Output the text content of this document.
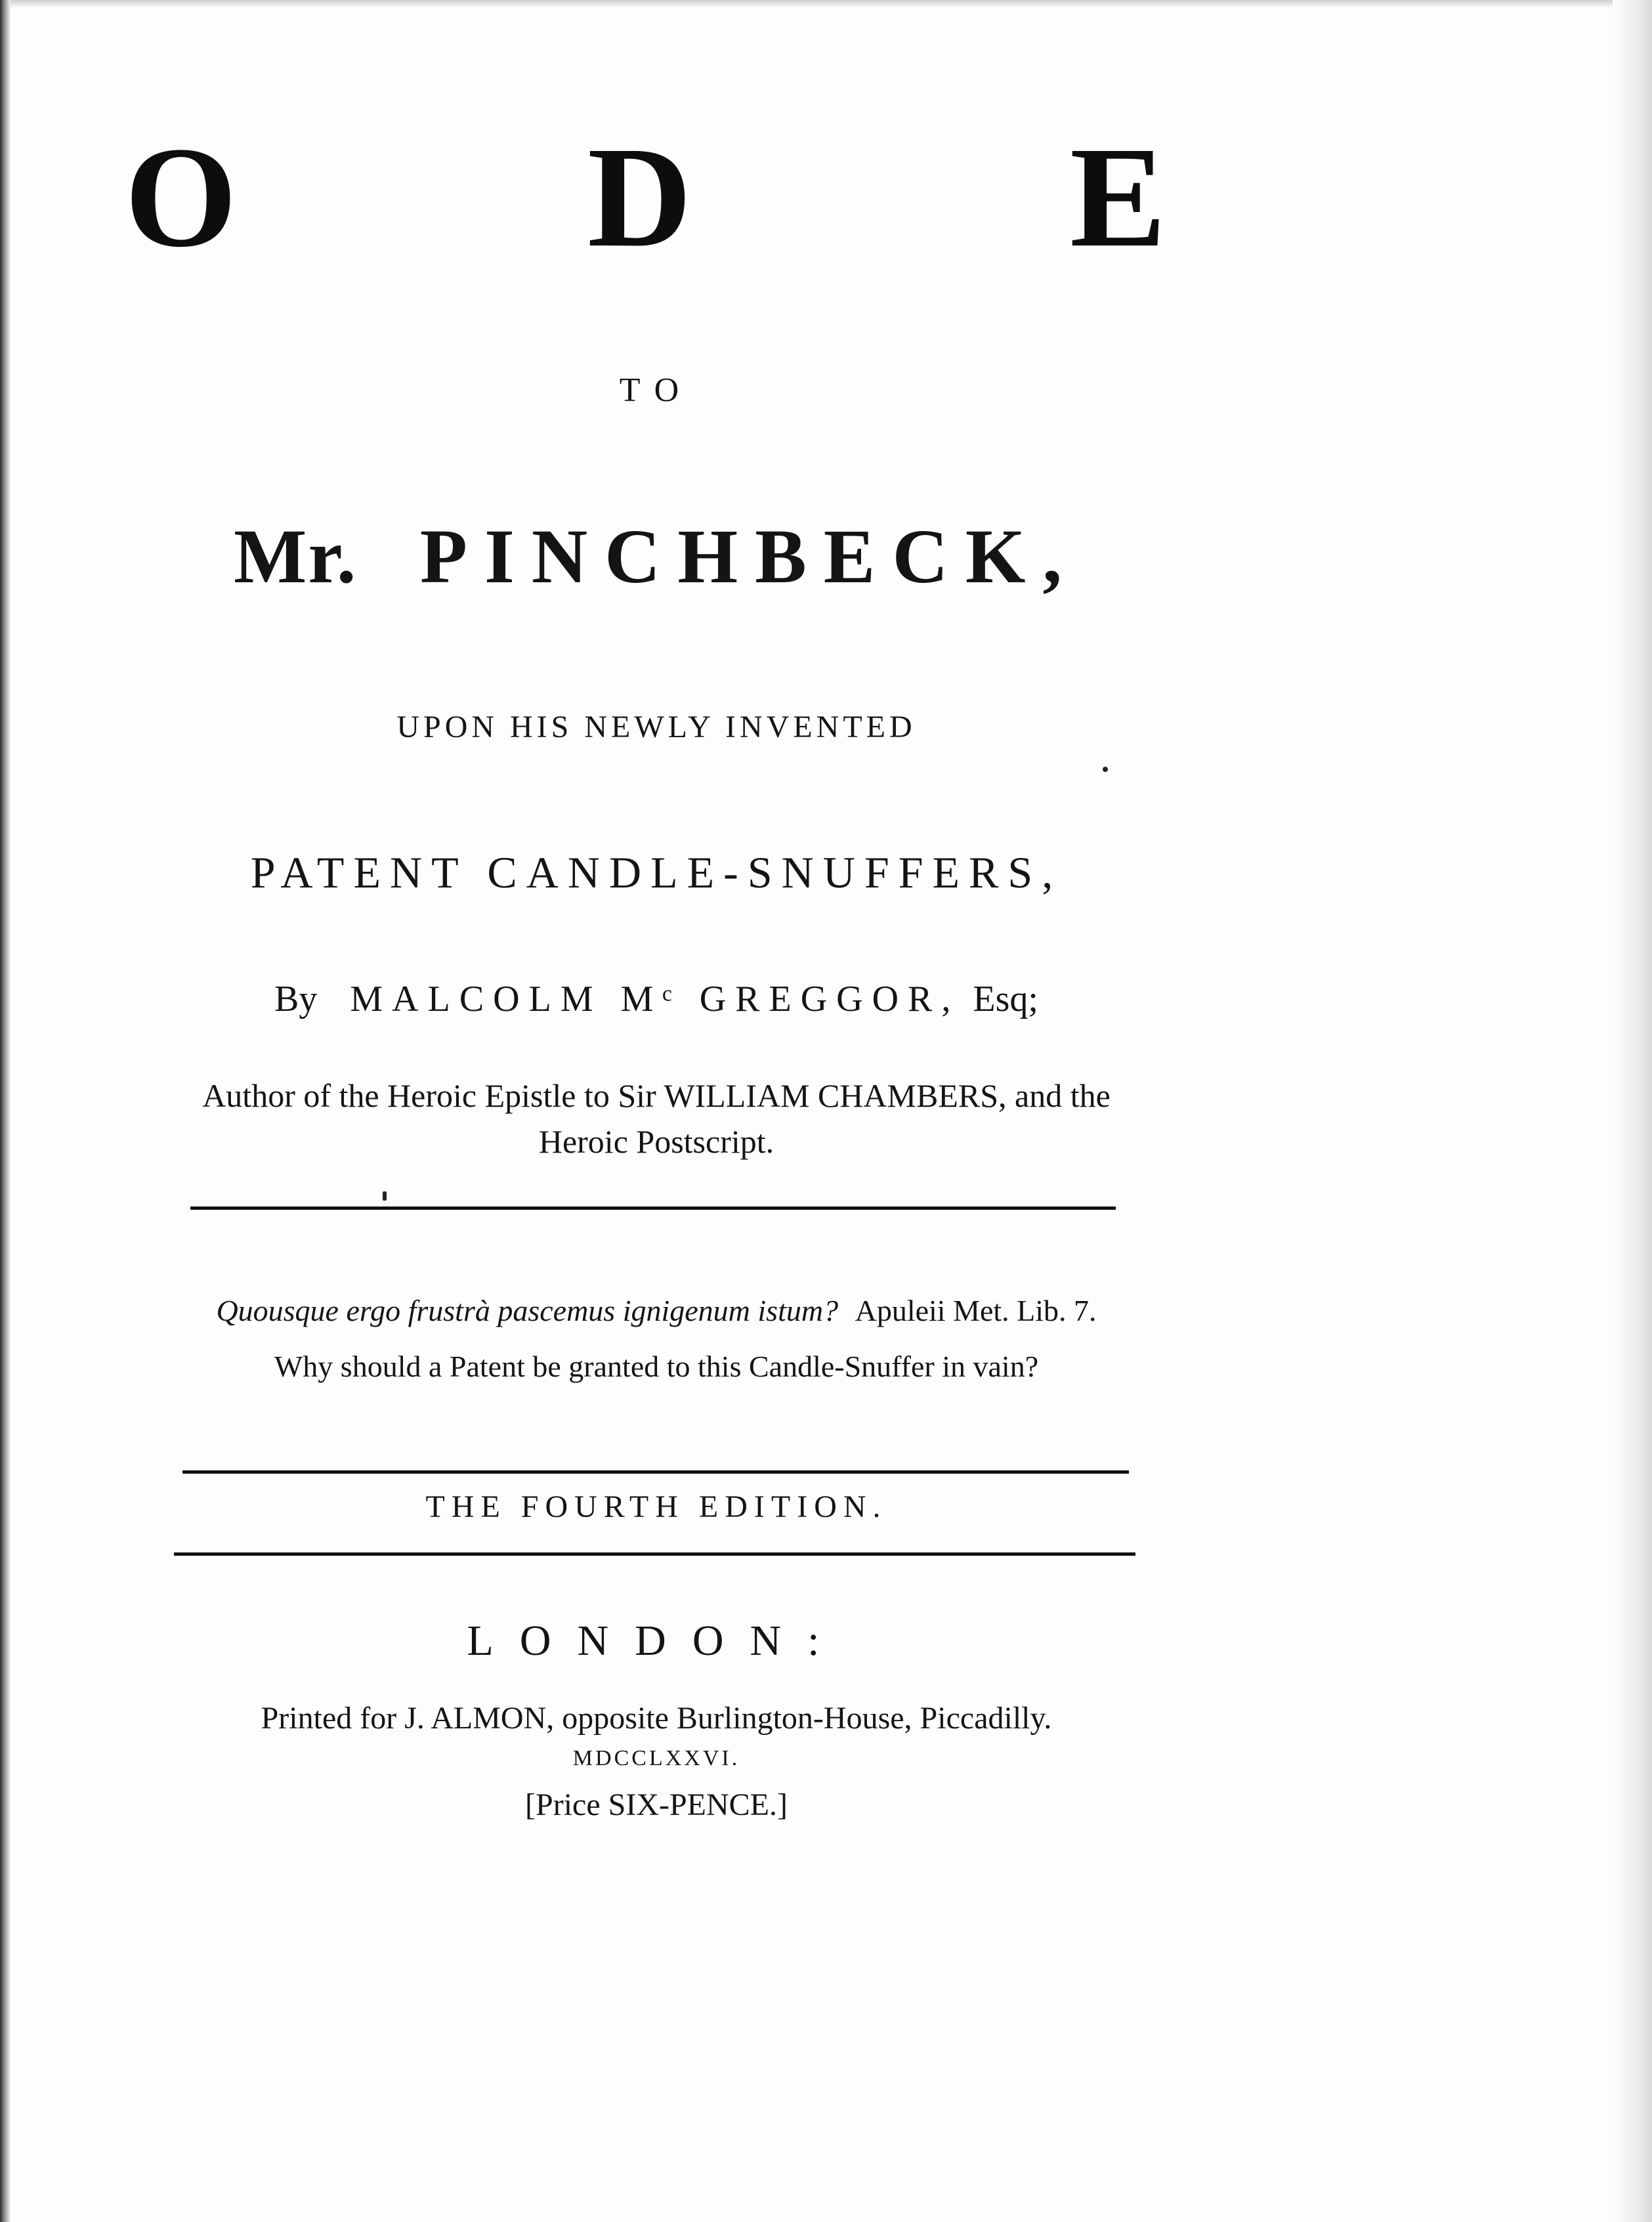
O D	E
TO
Mr. PINCHBECK,
UPON HIS NEWLY INVENTED
PATENT CANDLE-SNUFFERS,
By MALCOLM Mᶜ GREGGOR, Esq;
Author of the Heroic Epistle to Sir WILLIAM CHAMBERS, and the
Heroic Postscript.
Quousque ergo frustrà pascemus ignigenum istum? Apuleii Met. Lib. 7.
Why should a Patent be granted to this Candle-Snuffer in vain?
THE FOURTH EDITION.
LONDON:
Printed for J. ALMON, opposite Burlington-House, Piccadilly.
MDCCLXXVI.
[Price SIX-PENCE.]
